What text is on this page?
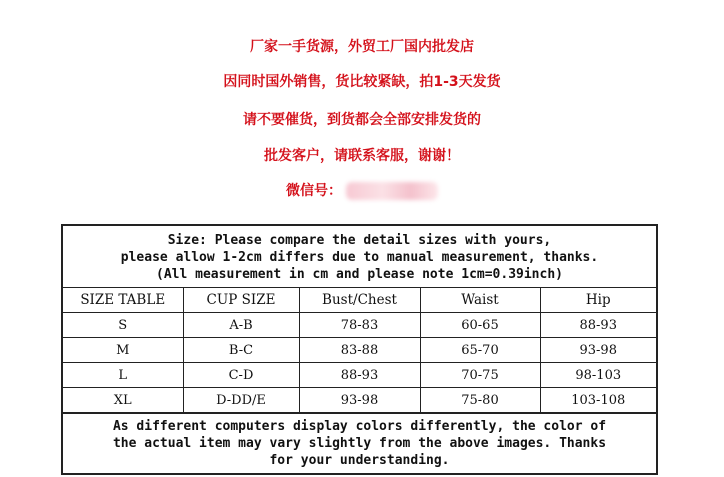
厂家一手货源，外贸工厂国内批发店
因同时国外销售，货比较紧缺，拍1-3天发货
请不要催货，到货都会全部安排发货的
批发客户，请联系客服，谢谢！
微信号：
Size: Please compare the detail sizes with yours,
please allow 1-2cm differs due to manual measurement, thanks.
(All measurement in cm and please note 1cm=0.39inch)
SIZE TABLE	CUP SIZE	Bust/Chest	Waist	Hip
S	A-B	78-83	60-65	88-93
M	B-C	83-88	65-70	93-98
L	C-D	88-93	70-75	98-103
XL	D-DD/E	93-98	75-80	103-108
As different computers display colors differently, the color of
the actual item may vary slightly from the above images. Thanks
for your understanding.
